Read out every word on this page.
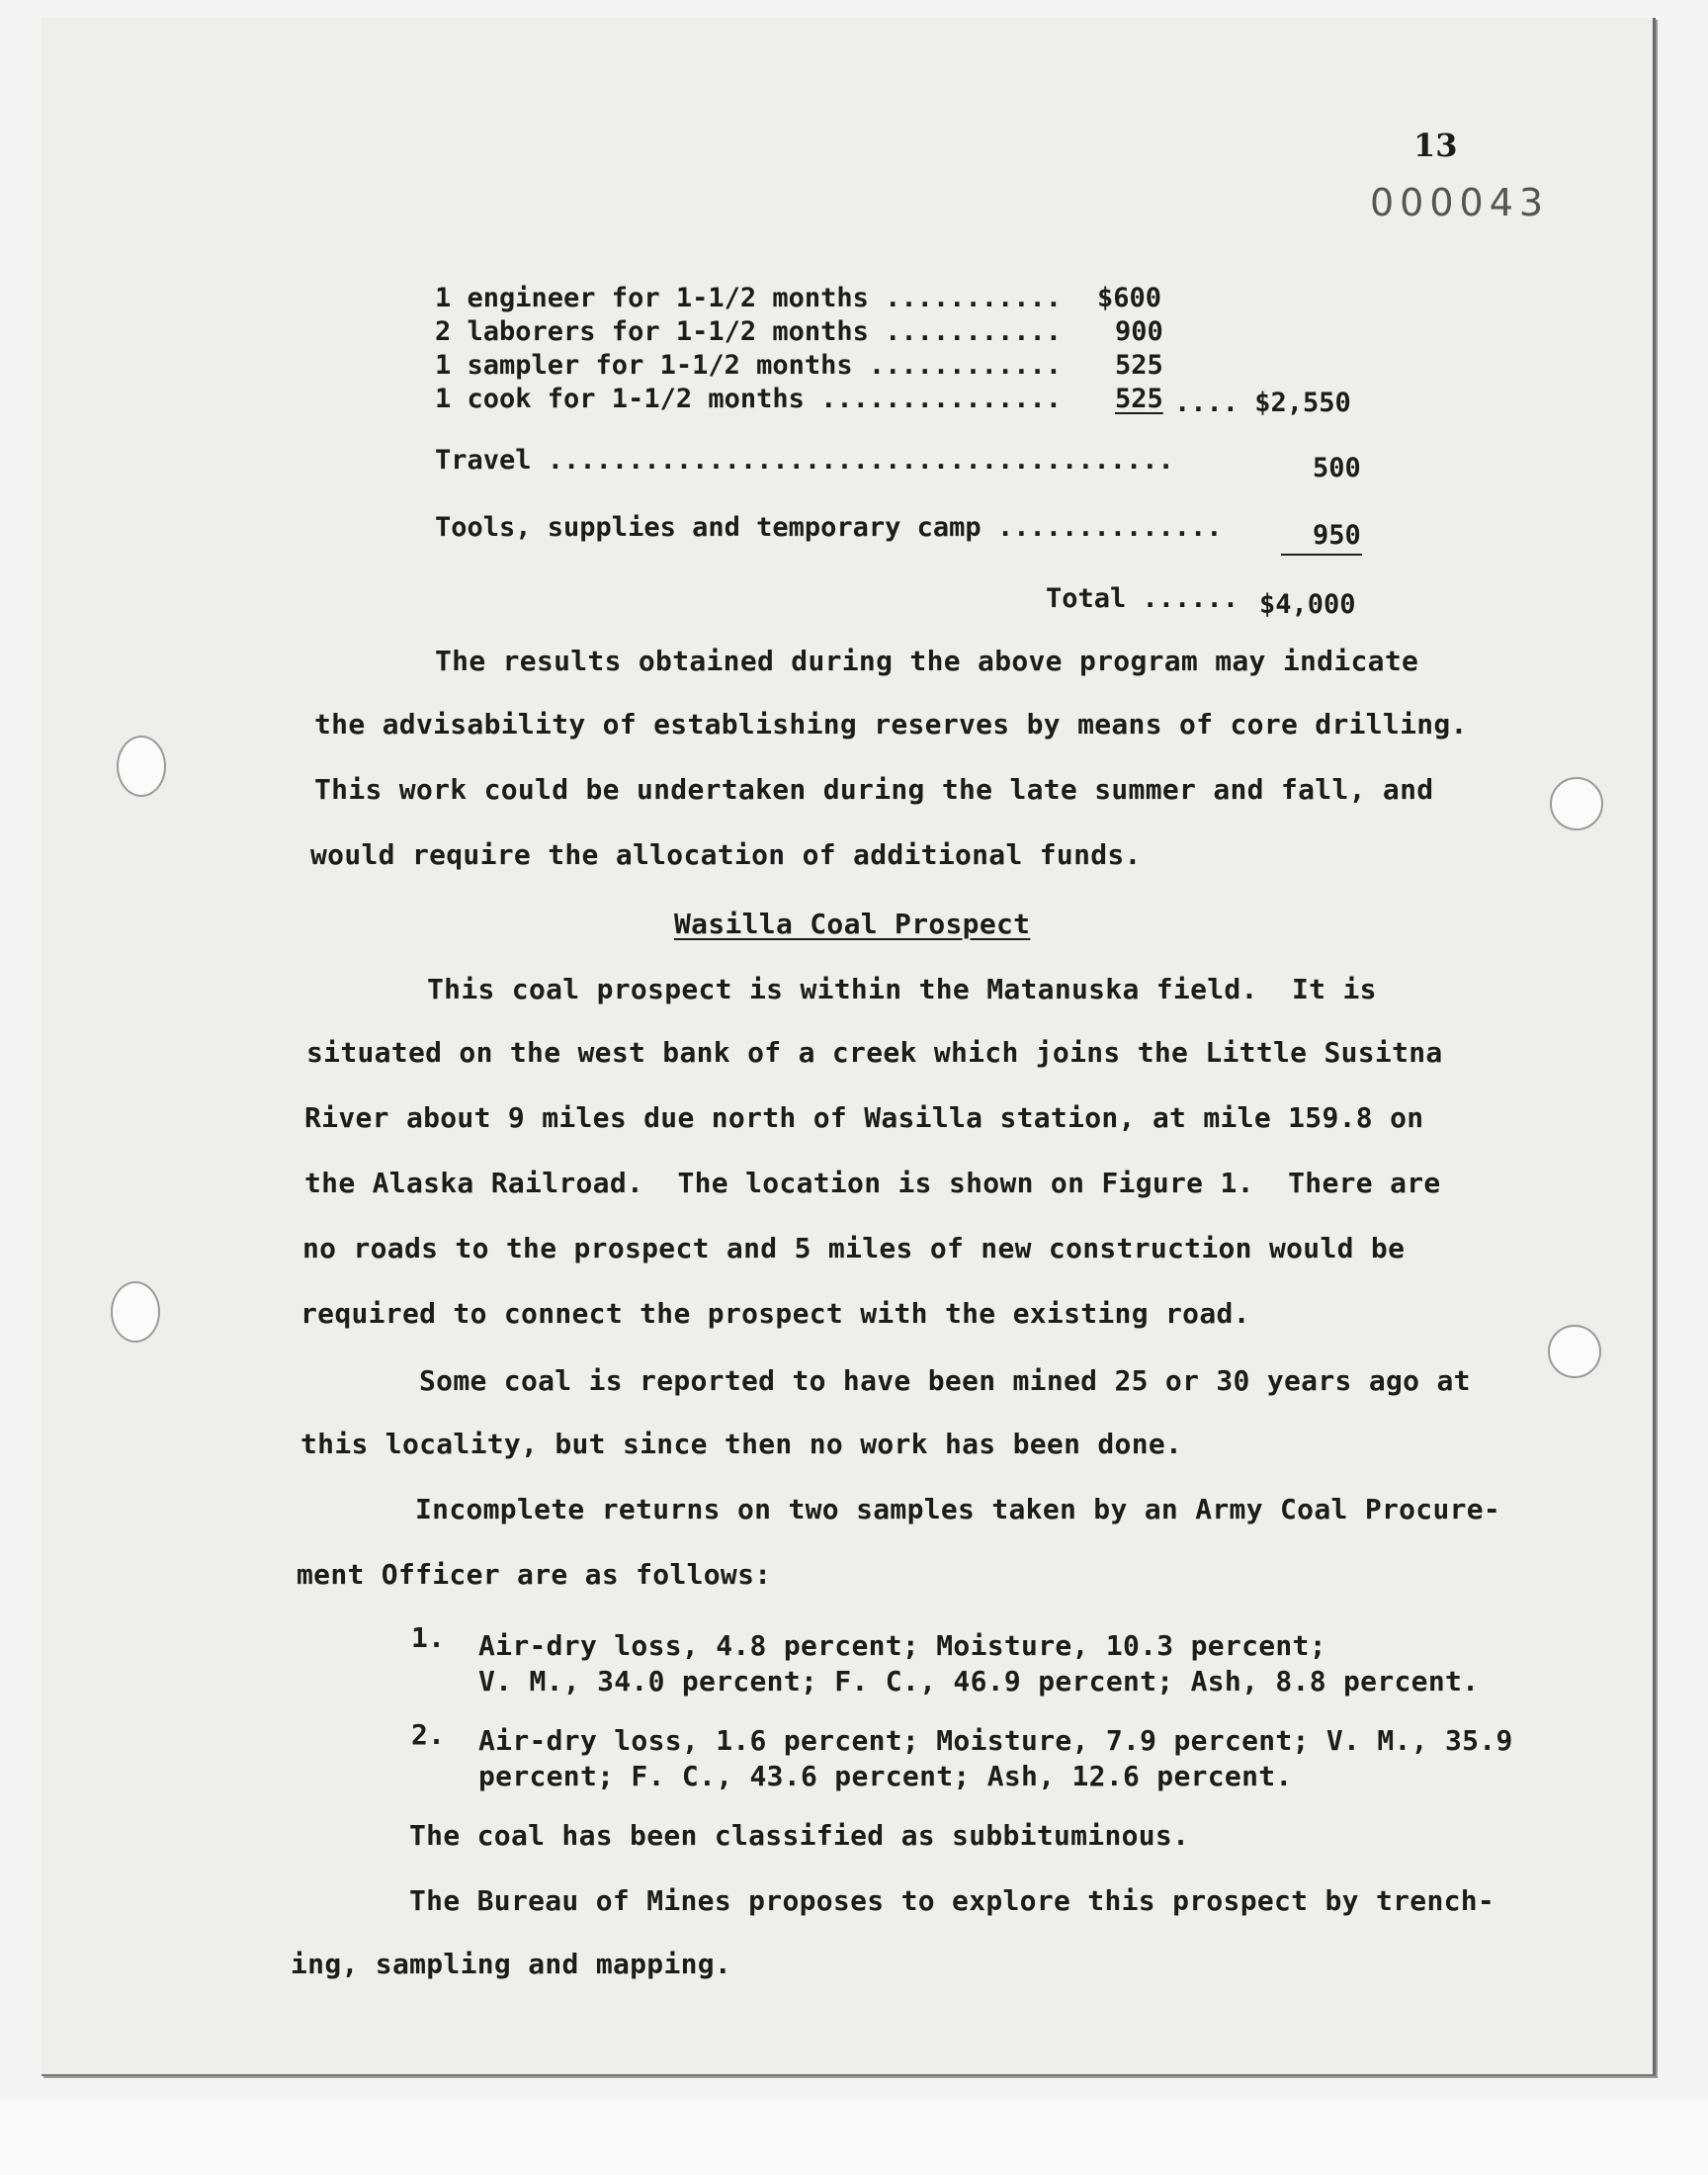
13
000043
1 engineer for 1-1/2 months ........... $600
2 laborers for 1-1/2 months ........... 900
1 sampler for 1-1/2 months ............ 525
1 cook for 1-1/2 months ............... 525 .... $2,550
Travel .......................................	500
Tools, supplies and temporary camp ..............	950
Total ...... $4,000
The results obtained during the above program may indicate
the advisability of establishing reserves by means of core drilling.
This work could be undertaken during the late summer and fall, and
would require the allocation of additional funds.
Wasilla Coal Prospect
This coal prospect is within the Matanuska field.  It is
situated on the west bank of a creek which joins the Little Susitna
River about 9 miles due north of Wasilla station, at mile 159.8 on
the Alaska Railroad.  The location is shown on Figure 1.  There are
no roads to the prospect and 5 miles of new construction would be
required to connect the prospect with the existing road.
Some coal is reported to have been mined 25 or 30 years ago at
this locality, but since then no work has been done.
Incomplete returns on two samples taken by an Army Coal Procure-
ment Officer are as follows:
1. Air-dry loss, 4.8 percent; Moisture, 10.3 percent;
V. M., 34.0 percent; F. C., 46.9 percent; Ash, 8.8 percent.
2. Air-dry loss, 1.6 percent; Moisture, 7.9 percent; V. M., 35.9
percent; F. C., 43.6 percent; Ash, 12.6 percent.
The coal has been classified as subbituminous.
The Bureau of Mines proposes to explore this prospect by trench-
ing, sampling and mapping.
